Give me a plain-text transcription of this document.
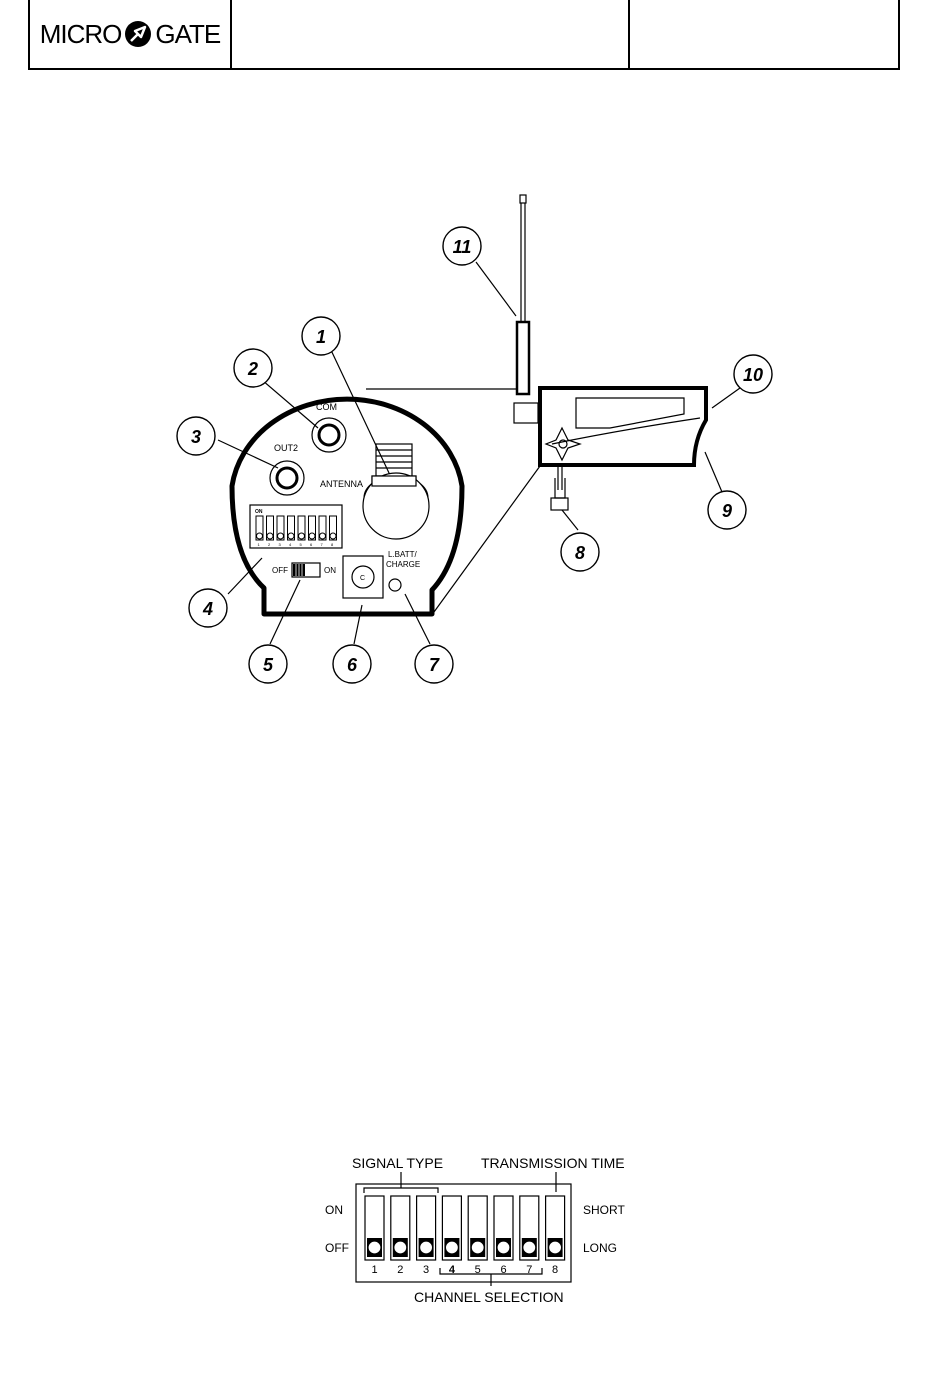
MICRO GATE
COM
OUT2
ANTENNA
ON
1 2 3 4 5 6 7 8
OFF	ON
C
L.BATT/
CHARGE
1
2
3
4
5	6	7
8
9
10
11
SIGNAL TYPE	TRANSMISSION TIME
ON
OFF
SHORT
LONG
CHANNEL SELECTION
1 2 3 4 5 6 7 8
